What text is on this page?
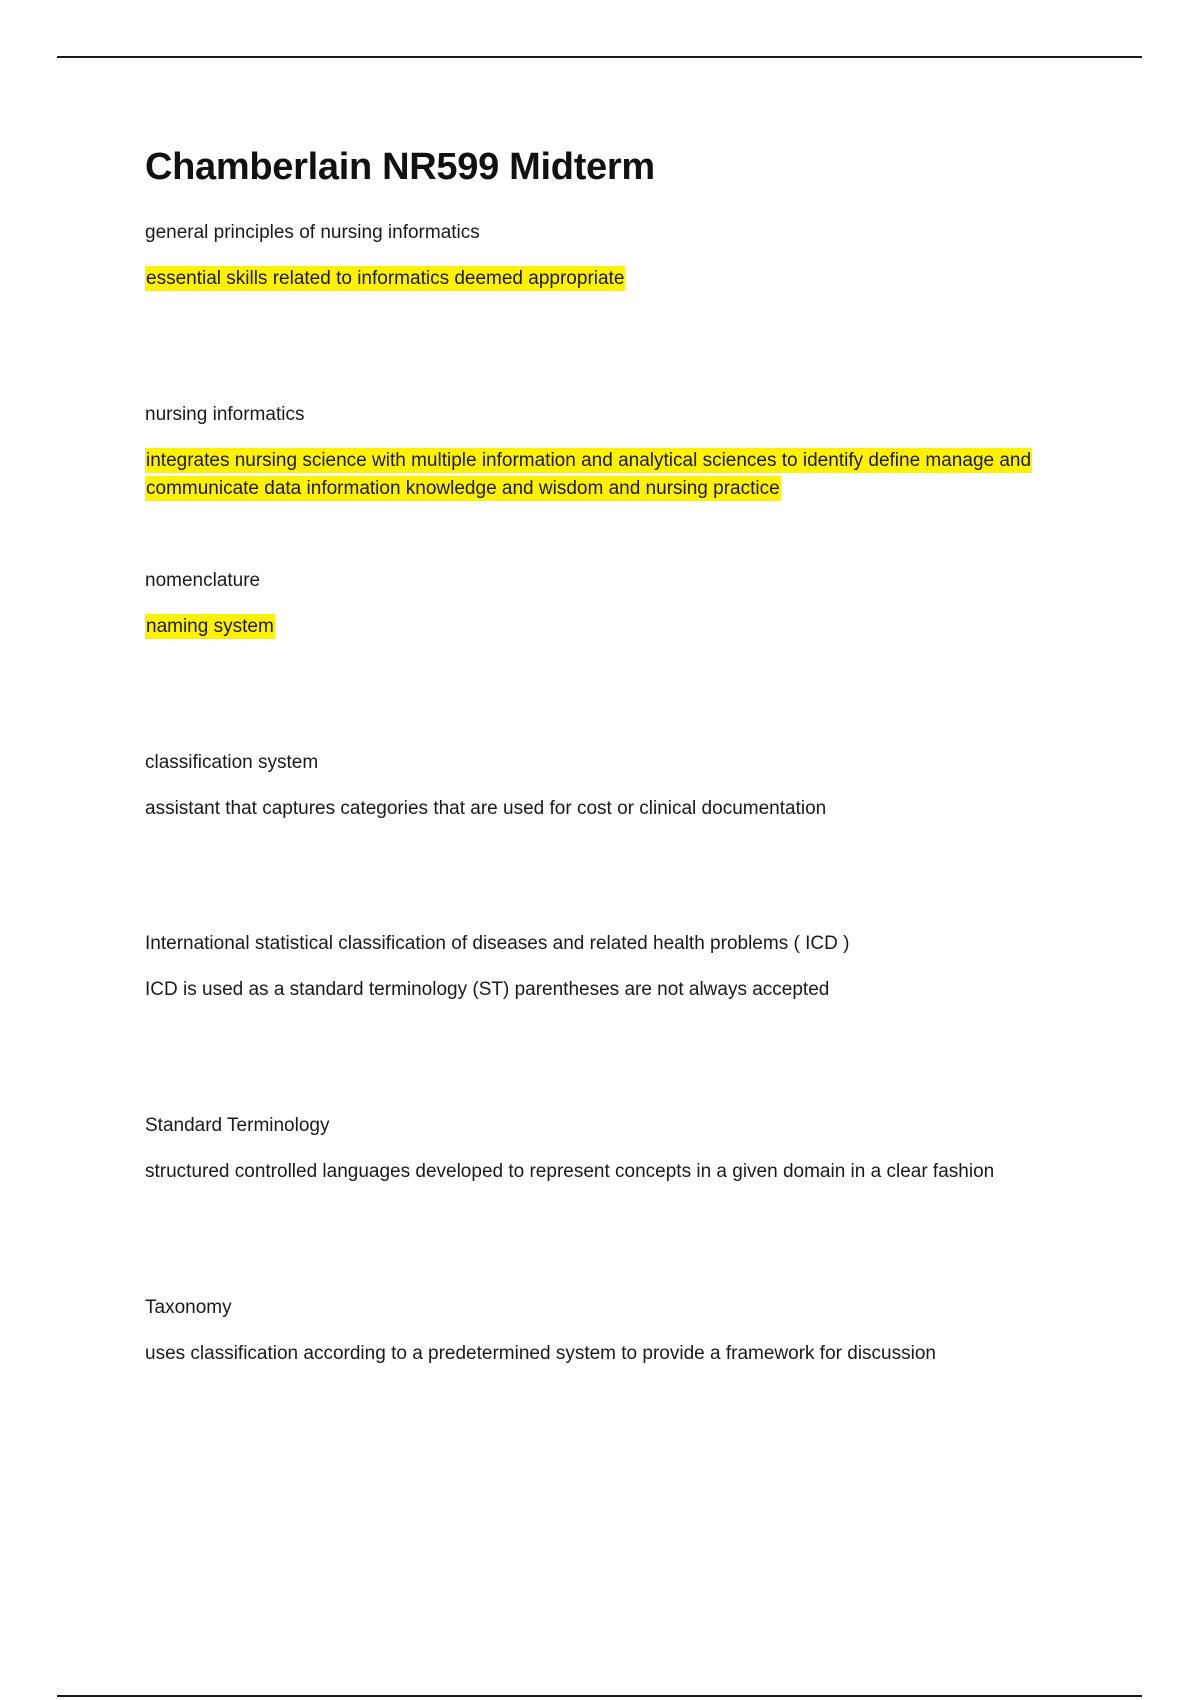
Chamberlain NR599 Midterm

general principles of nursing informatics

essential skills related to informatics deemed appropriate

nursing informatics

integrates nursing science with multiple information and analytical sciences to identify define manage and communicate data information knowledge and wisdom and nursing practice

nomenclature

naming system

classification system

assistant that captures categories that are used for cost or clinical documentation

International statistical classification of diseases and related health problems ( ICD )

ICD is used as a standard terminology (ST) parentheses are not always accepted

Standard Terminology

structured controlled languages developed to represent concepts in a given domain in a clear fashion

Taxonomy

uses classification according to a predetermined system to provide a framework for discussion
